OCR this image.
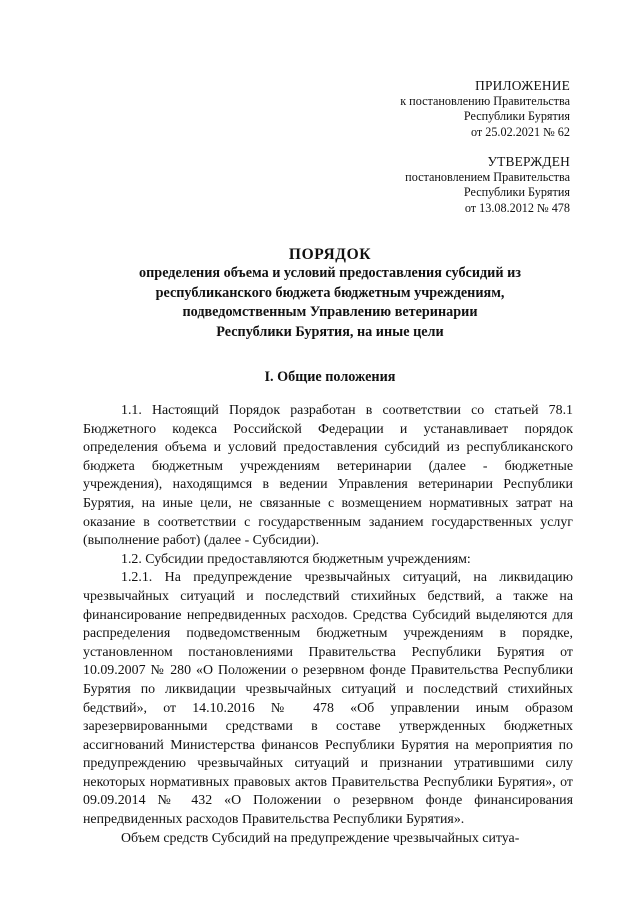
ПРИЛОЖЕНИЕ
к постановлению Правительства
Республики Бурятия
от 25.02.2021 № 62
УТВЕРЖДЕН
постановлением Правительства
Республики Бурятия
от 13.08.2012 № 478
ПОРЯДОК
определения объема и условий предоставления субсидий из
республиканского бюджета бюджетным учреждениям,
подведомственным Управлению ветеринарии
Республики Бурятия, на иные цели
I. Общие положения

1.1. Настоящий Порядок разработан в соответствии со статьей 78.1 Бюджетного кодекса Российской Федерации и устанавливает порядок определения объема и условий предоставления субсидий из республиканского бюджета бюджетным учреждениям ветеринарии (далее - бюджетные учреждения), находящимся в ведении Управления ветеринарии Республики Бурятия, на иные цели, не связанные с возмещением нормативных затрат на оказание в соответствии с государственным заданием государственных услуг (выполнение работ) (далее - Субсидии).

1.2. Субсидии предоставляются бюджетным учреждениям:

1.2.1. На предупреждение чрезвычайных ситуаций, на ликвидацию чрезвычайных ситуаций и последствий стихийных бедствий, а также на финансирование непредвиденных расходов. Средства Субсидий выделяются для распределения подведомственным бюджетным учреждениям в порядке, установленном постановлениями Правительства Республики Бурятия от 10.09.2007 № 280 «О Положении о резервном фонде Правительства Республики Бурятия по ликвидации чрезвычайных ситуаций и последствий стихийных бедствий», от 14.10.2016 № 478 «Об управлении иным образом зарезервированными средствами в составе утвержденных бюджетных ассигнований Министерства финансов Республики Бурятия на мероприятия по предупреждению чрезвычайных ситуаций и признании утратившими силу некоторых нормативных правовых актов Правительства Республики Бурятия», от 09.09.2014 № 432 «О Положении о резервном фонде финансирования непредвиденных расходов Правительства Республики Бурятия».

Объем средств Субсидий на предупреждение чрезвычайных ситуа-
